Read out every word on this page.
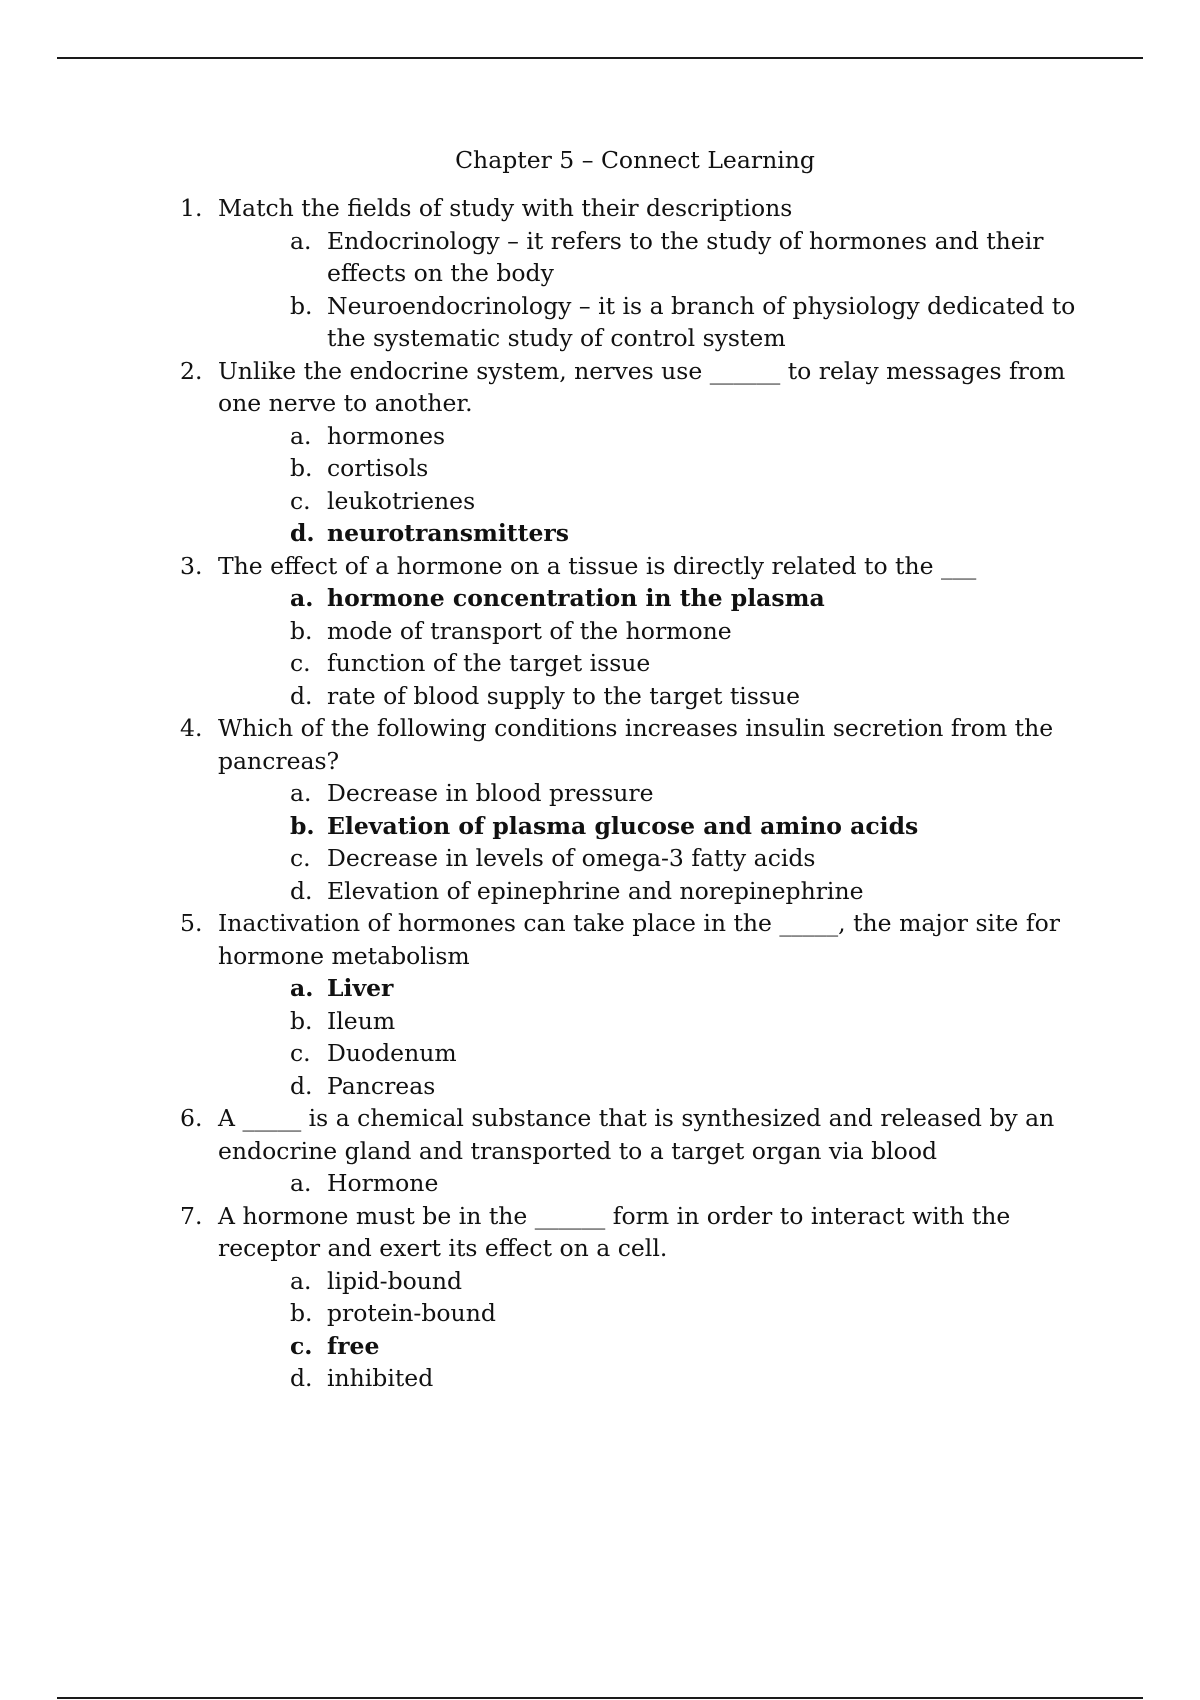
Chapter 5 – Connect Learning
1. Match the fields of study with their descriptions
a. Endocrinology – it refers to the study of hormones and their effects on the body
b. Neuroendocrinology – it is a branch of physiology dedicated to the systematic study of control system
2. Unlike the endocrine system, nerves use ______ to relay messages from one nerve to another.
a. hormones
b. cortisols
c. leukotrienes
d. neurotransmitters
3. The effect of a hormone on a tissue is directly related to the ___
a. hormone concentration in the plasma
b. mode of transport of the hormone
c. function of the target issue
d. rate of blood supply to the target tissue
4. Which of the following conditions increases insulin secretion from the pancreas?
a. Decrease in blood pressure
b. Elevation of plasma glucose and amino acids
c. Decrease in levels of omega-3 fatty acids
d. Elevation of epinephrine and norepinephrine
5. Inactivation of hormones can take place in the _____, the major site for hormone metabolism
a. Liver
b. Ileum
c. Duodenum
d. Pancreas
6. A _____ is a chemical substance that is synthesized and released by an endocrine gland and transported to a target organ via blood
a. Hormone
7. A hormone must be in the ______ form in order to interact with the receptor and exert its effect on a cell.
a. lipid-bound
b. protein-bound
c. free
d. inhibited
